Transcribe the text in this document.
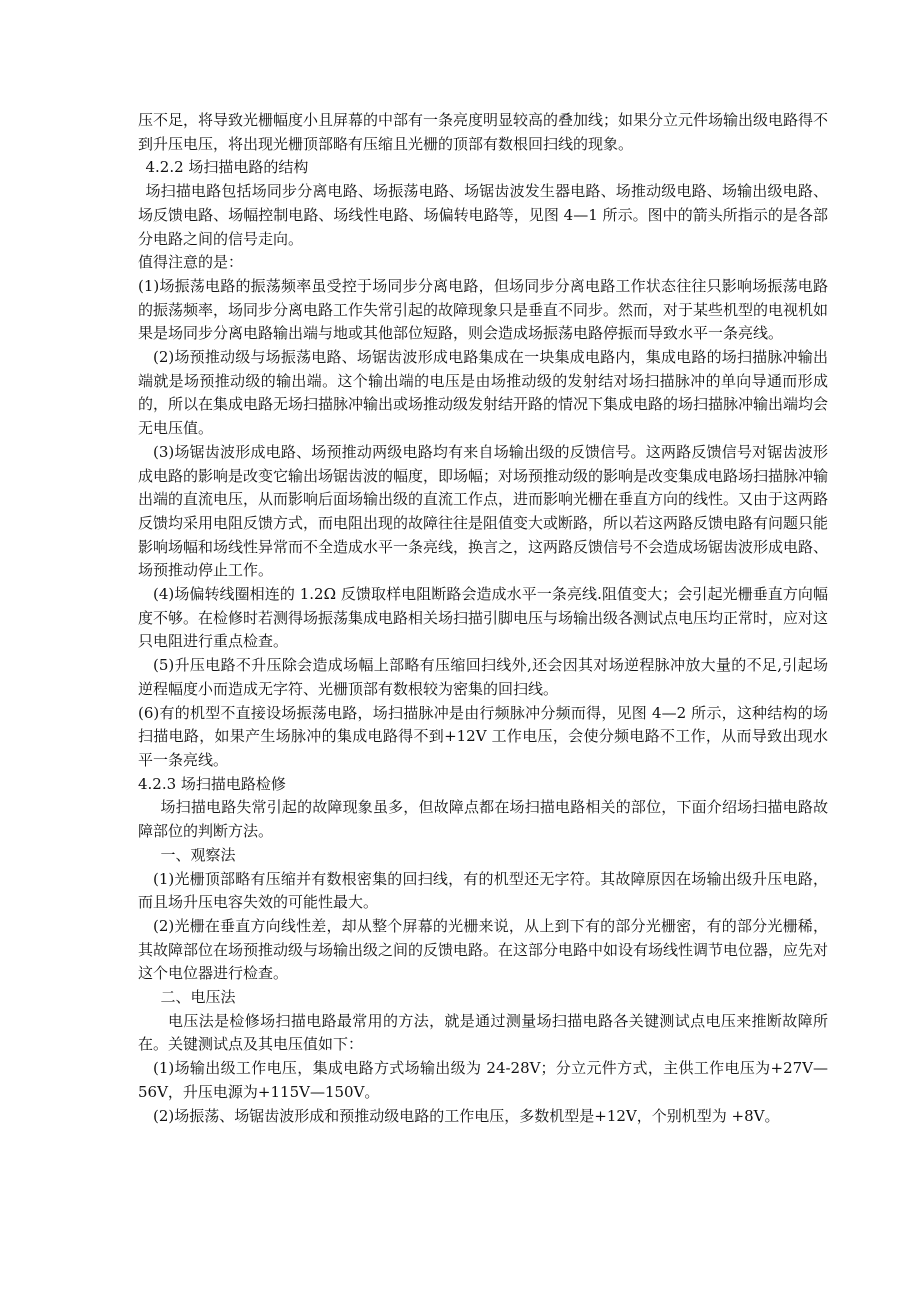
压不足，将导致光栅幅度小且屏幕的中部有一条亮度明显较高的叠加线；如果分立元件场输出级电路得不到升压电压，将出现光栅顶部略有压缩且光栅的顶部有数根回扫线的现象。

4.2.2 场扫描电路的结构

场扫描电路包括场同步分离电路、场振荡电路、场锯齿波发生器电路、场推动级电路、场输出级电路、场反馈电路、场幅控制电路、场线性电路、场偏转电路等，见图 4—1 所示。图中的箭头所指示的是各部分电路之间的信号走向。

值得注意的是：

(1)场振荡电路的振荡频率虽受控于场同步分离电路，但场同步分离电路工作状态往往只影响场振荡电路的振荡频率，场同步分离电路工作失常引起的故障现象只是垂直不同步。然而，对于某些机型的电视机如果是场同步分离电路输出端与地或其他部位短路，则会造成场振荡电路停振而导致水平一条亮线。

(2)场预推动级与场振荡电路、场锯齿波形成电路集成在一块集成电路内，集成电路的场扫描脉冲输出端就是场预推动级的输出端。这个输出端的电压是由场推动级的发射结对场扫描脉冲的单向导通而形成的，所以在集成电路无场扫描脉冲输出或场推动级发射结开路的情况下集成电路的场扫描脉冲输出端均会无电压值。

(3)场锯齿波形成电路、场预推动两级电路均有来自场输出级的反馈信号。这两路反馈信号对锯齿波形成电路的影响是改变它输出场锯齿波的幅度，即场幅；对场预推动级的影响是改变集成电路场扫描脉冲输出端的直流电压，从而影响后面场输出级的直流工作点，进而影响光栅在垂直方向的线性。又由于这两路反馈均采用电阻反馈方式，而电阻出现的故障往往是阻值变大或断路，所以若这两路反馈电路有问题只能影响场幅和场线性异常而不全造成水平一条亮线，换言之，这两路反馈信号不会造成场锯齿波形成电路、场预推动停止工作。

(4)场偏转线圈相连的 1.2Ω 反馈取样电阻断路会造成水平一条亮线.阻值变大；会引起光栅垂直方向幅度不够。在检修时若测得场振荡集成电路相关场扫描引脚电压与场输出级各测试点电压均正常时，应对这只电阻进行重点检查。

(5)升压电路不升压除会造成场幅上部略有压缩回扫线外,还会因其对场逆程脉冲放大量的不足,引起场逆程幅度小而造成无字符、光栅顶部有数根较为密集的回扫线。

(6)有的机型不直接设场振荡电路，场扫描脉冲是由行频脉冲分频而得，见图 4—2 所示，这种结构的场扫描电路，如果产生场脉冲的集成电路得不到+12V 工作电压，会使分频电路不工作，从而导致出现水平一条亮线。

4.2.3 场扫描电路检修

场扫描电路失常引起的故障现象虽多，但故障点都在场扫描电路相关的部位，下面介绍场扫描电路故障部位的判断方法。

一、观察法

(1)光栅顶部略有压缩并有数根密集的回扫线，有的机型还无字符。其故障原因在场输出级升压电路，而且场升压电容失效的可能性最大。

(2)光栅在垂直方向线性差，却从整个屏幕的光栅来说，从上到下有的部分光栅密，有的部分光栅稀，其故障部位在场预推动级与场输出级之间的反馈电路。在这部分电路中如设有场线性调节电位器，应先对这个电位器进行检查。

二、电压法

电压法是检修场扫描电路最常用的方法，就是通过测量场扫描电路各关键测试点电压来推断故障所在。关键测试点及其电压值如下：

(1)场输出级工作电压，集成电路方式场输出级为 24-28V；分立元件方式，主供工作电压为+27V—56V，升压电源为+115V—150V。

(2)场振荡、场锯齿波形成和预推动级电路的工作电压，多数机型是+12V，个别机型为 +8V。
